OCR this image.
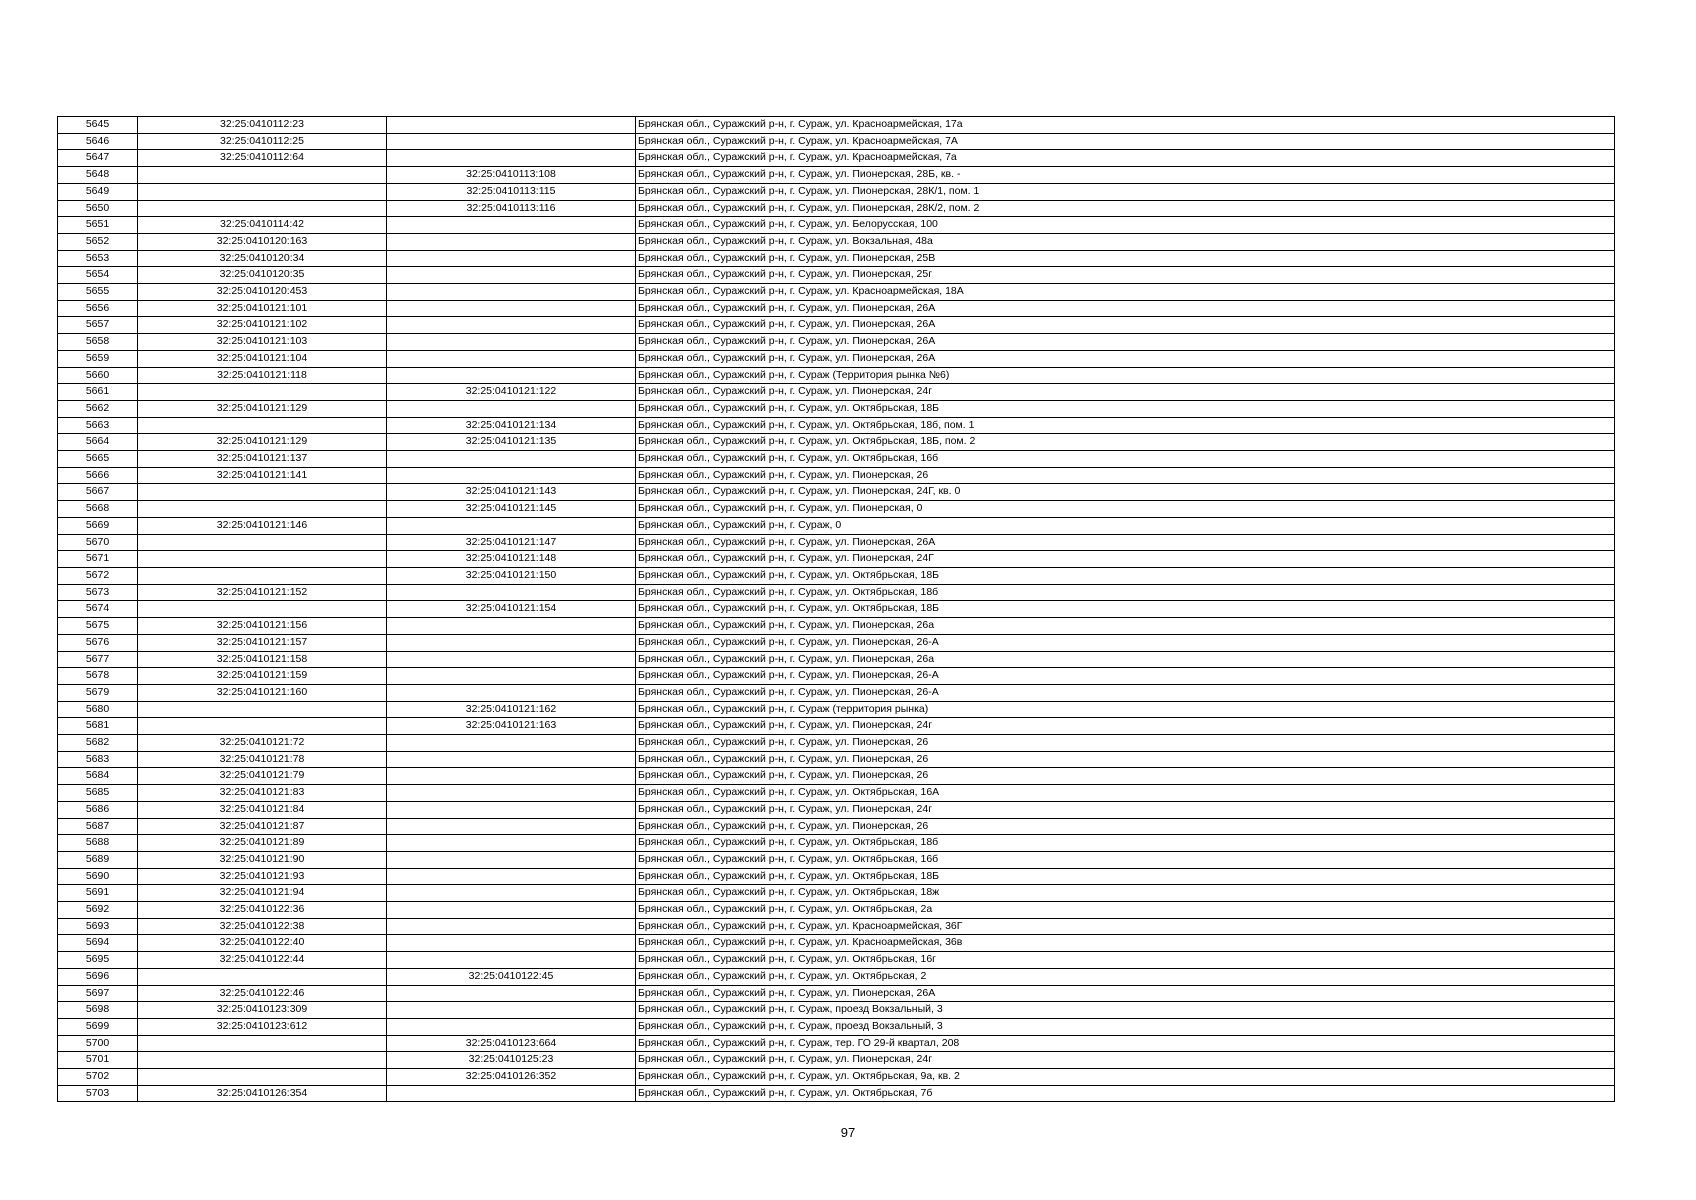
5645	32:25:0410112:23		Брянская обл., Суражский р-н, г. Сураж, ул. Красноармейская, 17а
5646	32:25:0410112:25		Брянская обл., Суражский р-н, г. Сураж, ул. Красноармейская, 7А
5647	32:25:0410112:64		Брянская обл., Суражский р-н, г. Сураж, ул. Красноармейская, 7а
5648		32:25:0410113:108	Брянская обл., Суражский р-н, г. Сураж, ул. Пионерская, 28Б, кв. -
5649		32:25:0410113:115	Брянская обл., Суражский р-н, г. Сураж, ул. Пионерская, 28К/1, пом. 1
5650		32:25:0410113:116	Брянская обл., Суражский р-н, г. Сураж, ул. Пионерская, 28К/2, пом. 2
5651	32:25:0410114:42		Брянская обл., Суражский р-н, г. Сураж, ул. Белорусская, 100
5652	32:25:0410120:163		Брянская обл., Суражский р-н, г. Сураж, ул. Вокзальная, 48а
5653	32:25:0410120:34		Брянская обл., Суражский р-н, г. Сураж, ул. Пионерская, 25В
5654	32:25:0410120:35		Брянская обл., Суражский р-н, г. Сураж, ул. Пионерская, 25г
5655	32:25:0410120:453		Брянская обл., Суражский р-н, г. Сураж, ул. Красноармейская, 18А
5656	32:25:0410121:101		Брянская обл., Суражский р-н, г. Сураж, ул. Пионерская, 26А
5657	32:25:0410121:102		Брянская обл., Суражский р-н, г. Сураж, ул. Пионерская, 26А
5658	32:25:0410121:103		Брянская обл., Суражский р-н, г. Сураж, ул. Пионерская, 26А
5659	32:25:0410121:104		Брянская обл., Суражский р-н, г. Сураж, ул. Пионерская, 26А
5660	32:25:0410121:118		Брянская обл., Суражский р-н, г. Сураж (Территория рынка №6)
5661		32:25:0410121:122	Брянская обл., Суражский р-н, г. Сураж, ул. Пионерская, 24г
5662	32:25:0410121:129		Брянская обл., Суражский р-н, г. Сураж, ул. Октябрьская, 18Б
5663		32:25:0410121:134	Брянская обл., Суражский р-н, г. Сураж, ул. Октябрьская, 18б, пом. 1
5664	32:25:0410121:129	32:25:0410121:135	Брянская обл., Суражский р-н, г. Сураж, ул. Октябрьская, 18Б, пом. 2
5665	32:25:0410121:137		Брянская обл., Суражский р-н, г. Сураж, ул. Октябрьская, 16б
5666	32:25:0410121:141		Брянская обл., Суражский р-н, г. Сураж, ул. Пионерская, 26
5667		32:25:0410121:143	Брянская обл., Суражский р-н, г. Сураж, ул. Пионерская, 24Г, кв. 0
5668		32:25:0410121:145	Брянская обл., Суражский р-н, г. Сураж, ул. Пионерская, 0
5669	32:25:0410121:146		Брянская обл., Суражский р-н, г. Сураж, 0
5670		32:25:0410121:147	Брянская обл., Суражский р-н, г. Сураж, ул. Пионерская, 26А
5671		32:25:0410121:148	Брянская обл., Суражский р-н, г. Сураж, ул. Пионерская, 24Г
5672		32:25:0410121:150	Брянская обл., Суражский р-н, г. Сураж, ул. Октябрьская, 18Б
5673	32:25:0410121:152		Брянская обл., Суражский р-н, г. Сураж, ул. Октябрьская, 18б
5674		32:25:0410121:154	Брянская обл., Суражский р-н, г. Сураж, ул. Октябрьская, 18Б
5675	32:25:0410121:156		Брянская обл., Суражский р-н, г. Сураж, ул. Пионерская, 26а
5676	32:25:0410121:157		Брянская обл., Суражский р-н, г. Сураж, ул. Пионерская, 26-А
5677	32:25:0410121:158		Брянская обл., Суражский р-н, г. Сураж, ул. Пионерская, 26а
5678	32:25:0410121:159		Брянская обл., Суражский р-н, г. Сураж, ул. Пионерская, 26-А
5679	32:25:0410121:160		Брянская обл., Суражский р-н, г. Сураж, ул. Пионерская, 26-А
5680		32:25:0410121:162	Брянская обл., Суражский р-н, г. Сураж (территория рынка)
5681		32:25:0410121:163	Брянская обл., Суражский р-н, г. Сураж, ул. Пионерская, 24г
5682	32:25:0410121:72		Брянская обл., Суражский р-н, г. Сураж, ул. Пионерская, 26
5683	32:25:0410121:78		Брянская обл., Суражский р-н, г. Сураж, ул. Пионерская, 26
5684	32:25:0410121:79		Брянская обл., Суражский р-н, г. Сураж, ул. Пионерская, 26
5685	32:25:0410121:83		Брянская обл., Суражский р-н, г. Сураж, ул. Октябрьская, 16А
5686	32:25:0410121:84		Брянская обл., Суражский р-н, г. Сураж, ул. Пионерская, 24г
5687	32:25:0410121:87		Брянская обл., Суражский р-н, г. Сураж, ул. Пионерская, 26
5688	32:25:0410121:89		Брянская обл., Суражский р-н, г. Сураж, ул. Октябрьская, 18б
5689	32:25:0410121:90		Брянская обл., Суражский р-н, г. Сураж, ул. Октябрьская, 16б
5690	32:25:0410121:93		Брянская обл., Суражский р-н, г. Сураж, ул. Октябрьская, 18Б
5691	32:25:0410121:94		Брянская обл., Суражский р-н, г. Сураж, ул. Октябрьская, 18ж
5692	32:25:0410122:36		Брянская обл., Суражский р-н, г. Сураж, ул. Октябрьская, 2а
5693	32:25:0410122:38		Брянская обл., Суражский р-н, г. Сураж, ул. Красноармейская, 36Г
5694	32:25:0410122:40		Брянская обл., Суражский р-н, г. Сураж, ул. Красноармейская, 36в
5695	32:25:0410122:44		Брянская обл., Суражский р-н, г. Сураж, ул. Октябрьская, 16г
5696		32:25:0410122:45	Брянская обл., Суражский р-н, г. Сураж, ул. Октябрьская, 2
5697	32:25:0410122:46		Брянская обл., Суражский р-н, г. Сураж, ул. Пионерская, 26А
5698	32:25:0410123:309		Брянская обл., Суражский р-н, г. Сураж, проезд Вокзальный, 3
5699	32:25:0410123:612		Брянская обл., Суражский р-н, г. Сураж, проезд Вокзальный, 3
5700		32:25:0410123:664	Брянская обл., Суражский р-н, г. Сураж, тер. ГО 29-й квартал, 208
5701		32:25:0410125:23	Брянская обл., Суражский р-н, г. Сураж, ул. Пионерская, 24г
5702		32:25:0410126:352	Брянская обл., Суражский р-н, г. Сураж, ул. Октябрьская, 9а, кв. 2
5703	32:25:0410126:354		Брянская обл., Суражский р-н, г. Сураж, ул. Октябрьская, 7б
97
